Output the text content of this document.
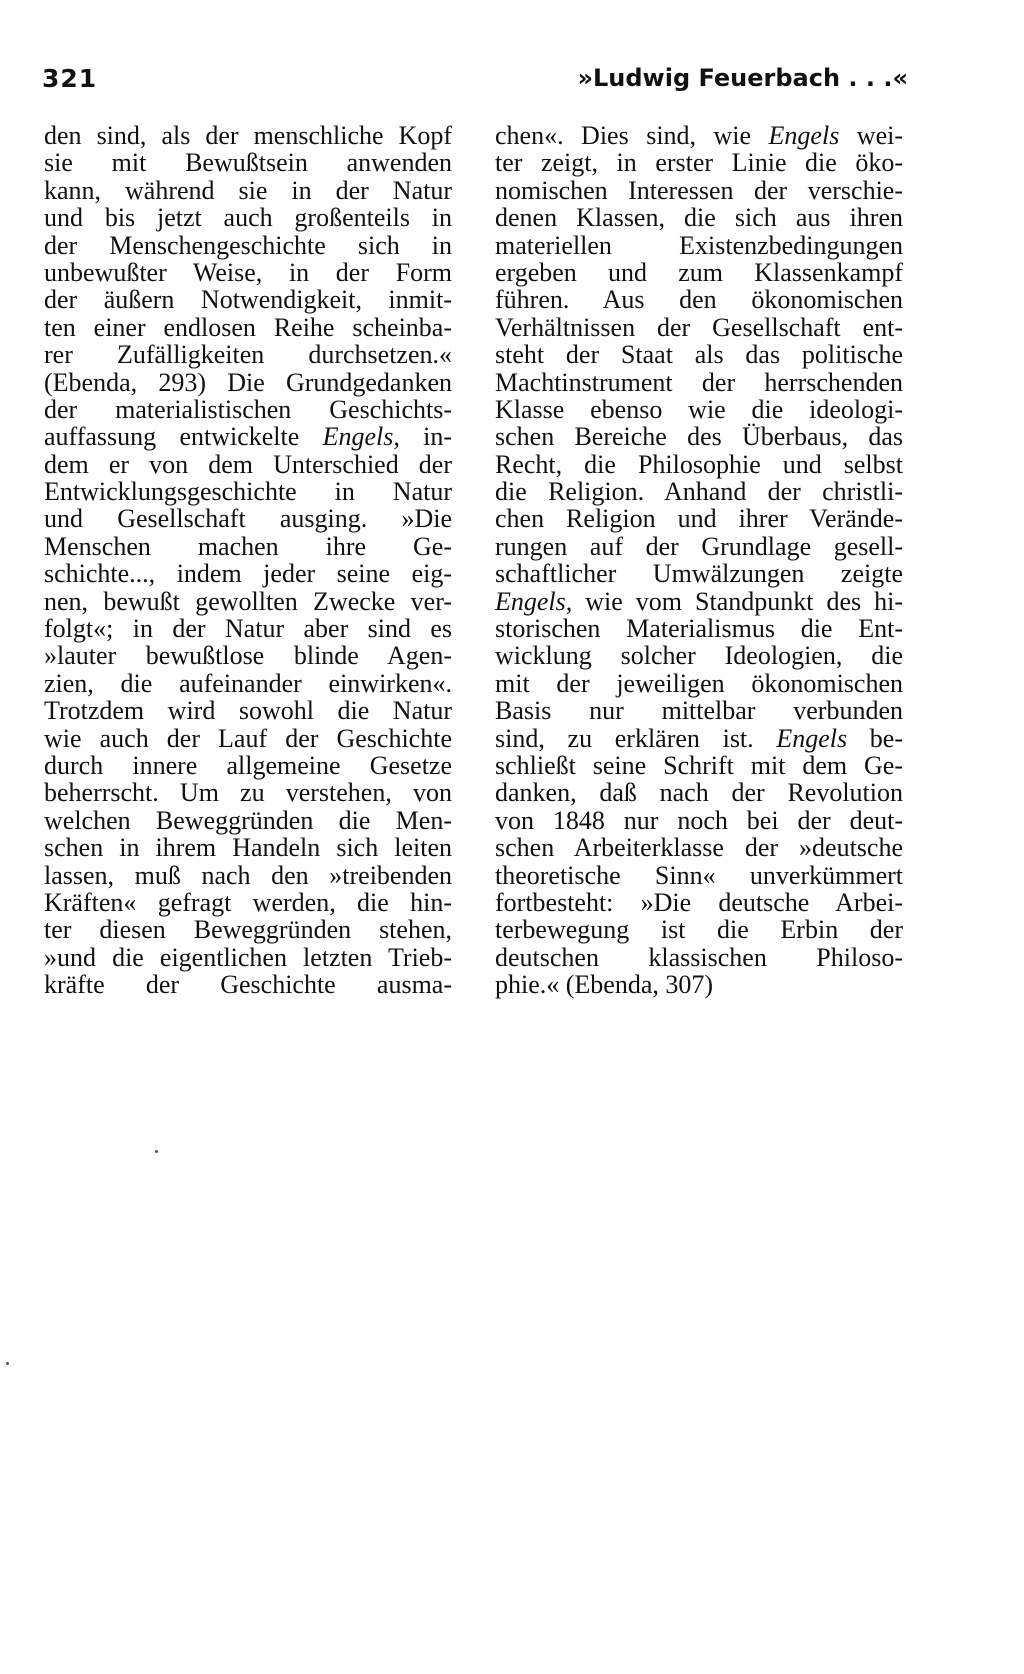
321	»Ludwig Feuerbach . . .«
den sind, als der menschliche Kopf
sie mit Bewußtsein anwenden
kann, während sie in der Natur
und bis jetzt auch großenteils in
der Menschengeschichte sich in
unbewußter Weise, in der Form
der äußern Notwendigkeit, inmit-
ten einer endlosen Reihe scheinba-
rer Zufälligkeiten durchsetzen.«
(Ebenda, 293) Die Grundgedanken
der materialistischen Geschichts-
auffassung entwickelte Engels, in-
dem er von dem Unterschied der
Entwicklungsgeschichte in Natur
und Gesellschaft ausging. »Die
Menschen machen ihre Ge-
schichte..., indem jeder seine eig-
nen, bewußt gewollten Zwecke ver-
folgt«; in der Natur aber sind es
»lauter bewußtlose blinde Agen-
zien, die aufeinander einwirken«.
Trotzdem wird sowohl die Natur
wie auch der Lauf der Geschichte
durch innere allgemeine Gesetze
beherrscht. Um zu verstehen, von
welchen Beweggründen die Men-
schen in ihrem Handeln sich leiten
lassen, muß nach den »treibenden
Kräften« gefragt werden, die hin-
ter diesen Beweggründen stehen,
»und die eigentlichen letzten Trieb-
kräfte der Geschichte ausma-
chen«. Dies sind, wie Engels wei-
ter zeigt, in erster Linie die öko-
nomischen Interessen der verschie-
denen Klassen, die sich aus ihren
materiellen Existenzbedingungen
ergeben und zum Klassenkampf
führen. Aus den ökonomischen
Verhältnissen der Gesellschaft ent-
steht der Staat als das politische
Machtinstrument der herrschenden
Klasse ebenso wie die ideologi-
schen Bereiche des Überbaus, das
Recht, die Philosophie und selbst
die Religion. Anhand der christli-
chen Religion und ihrer Verände-
rungen auf der Grundlage gesell-
schaftlicher Umwälzungen zeigte
Engels, wie vom Standpunkt des hi-
storischen Materialismus die Ent-
wicklung solcher Ideologien, die
mit der jeweiligen ökonomischen
Basis nur mittelbar verbunden
sind, zu erklären ist. Engels be-
schließt seine Schrift mit dem Ge-
danken, daß nach der Revolution
von 1848 nur noch bei der deut-
schen Arbeiterklasse der »deutsche
theoretische Sinn« unverkümmert
fortbesteht: »Die deutsche Arbei-
terbewegung ist die Erbin der
deutschen klassischen Philoso-
phie.« (Ebenda, 307)
